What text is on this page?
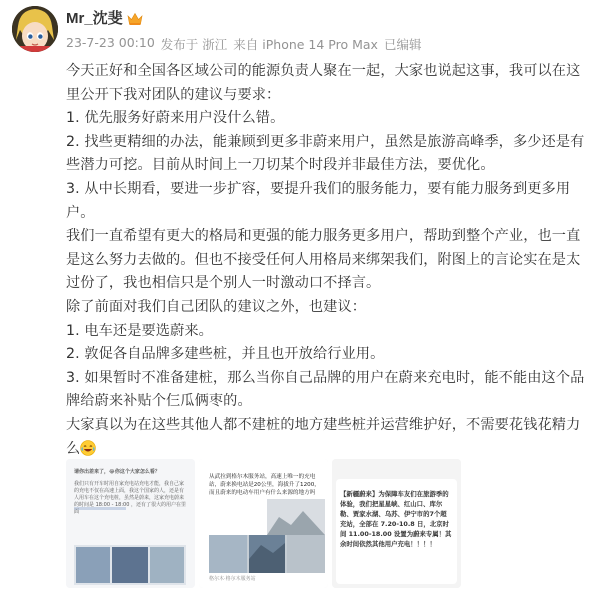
Mr_沈斐
23-7-23 00:10 发布于 浙江 来自 iPhone 14 Pro Max 已编辑

今天正好和全国各区域公司的能源负责人聚在一起，大家也说起这事，我可以在这里公开下我对团队的建议与要求：

1. 优先服务好蔚来用户没什么错。

2. 找些更精细的办法，能兼顾到更多非蔚来用户，虽然是旅游高峰季，多少还是有些潜力可挖。目前从时间上一刀切某个时段并非最佳方法，要优化。

3. 从中长期看，要进一步扩容，要提升我们的服务能力，要有能力服务到更多用户。

我们一直希望有更大的格局和更强的能力服务更多用户，帮助到整个产业，也一直是这么努力去做的。但也不接受任何人用格局来绑架我们，附图上的言论实在是太过份了，我也相信只是个别人一时激动口不择言。

除了前面对我们自己团队的建议之外，也建议：

1. 电车还是要选蔚来。

2. 敦促各自品牌多建些桩，并且也开放给行业用。

3. 如果暂时不准备建桩，那么当你自己品牌的用户在蔚来充电时，能不能由这个品牌给蔚来补贴个仨瓜俩枣的。

大家真以为在这些其他人都不建桩的地方建些桩并运营维护好，不需要花钱花精力么

请你出差来了，😂你这个大家怎么看？
我们只有开车时用自家充电站充电才能，我自己家的充电不仅在高速上面，我这个国家的人，还是有人用车在这个充电桩，虽然是蔚来，这家充电蔚来的时间是 18:00 - 18:00 ，还有了很大的用户在里面
从武拉到格尔木服务站，高速上唯一的充电站，蔚来换电站是20公里，海拔升了1200，而且蔚来的电动车用户有什么来源的地方吗
格尔木·格尔木服务站
【新疆蔚来】为保障车友们在旅游季的体验，我们把星星峡、红山口、库尔勒、贾家水湖、乌苏、伊宁市的7个超充站，全部在 7.20-10.8 日，北京时间 11.00-18.00 设置为蔚来专属！其余时间依然其他用户充电！！！！
